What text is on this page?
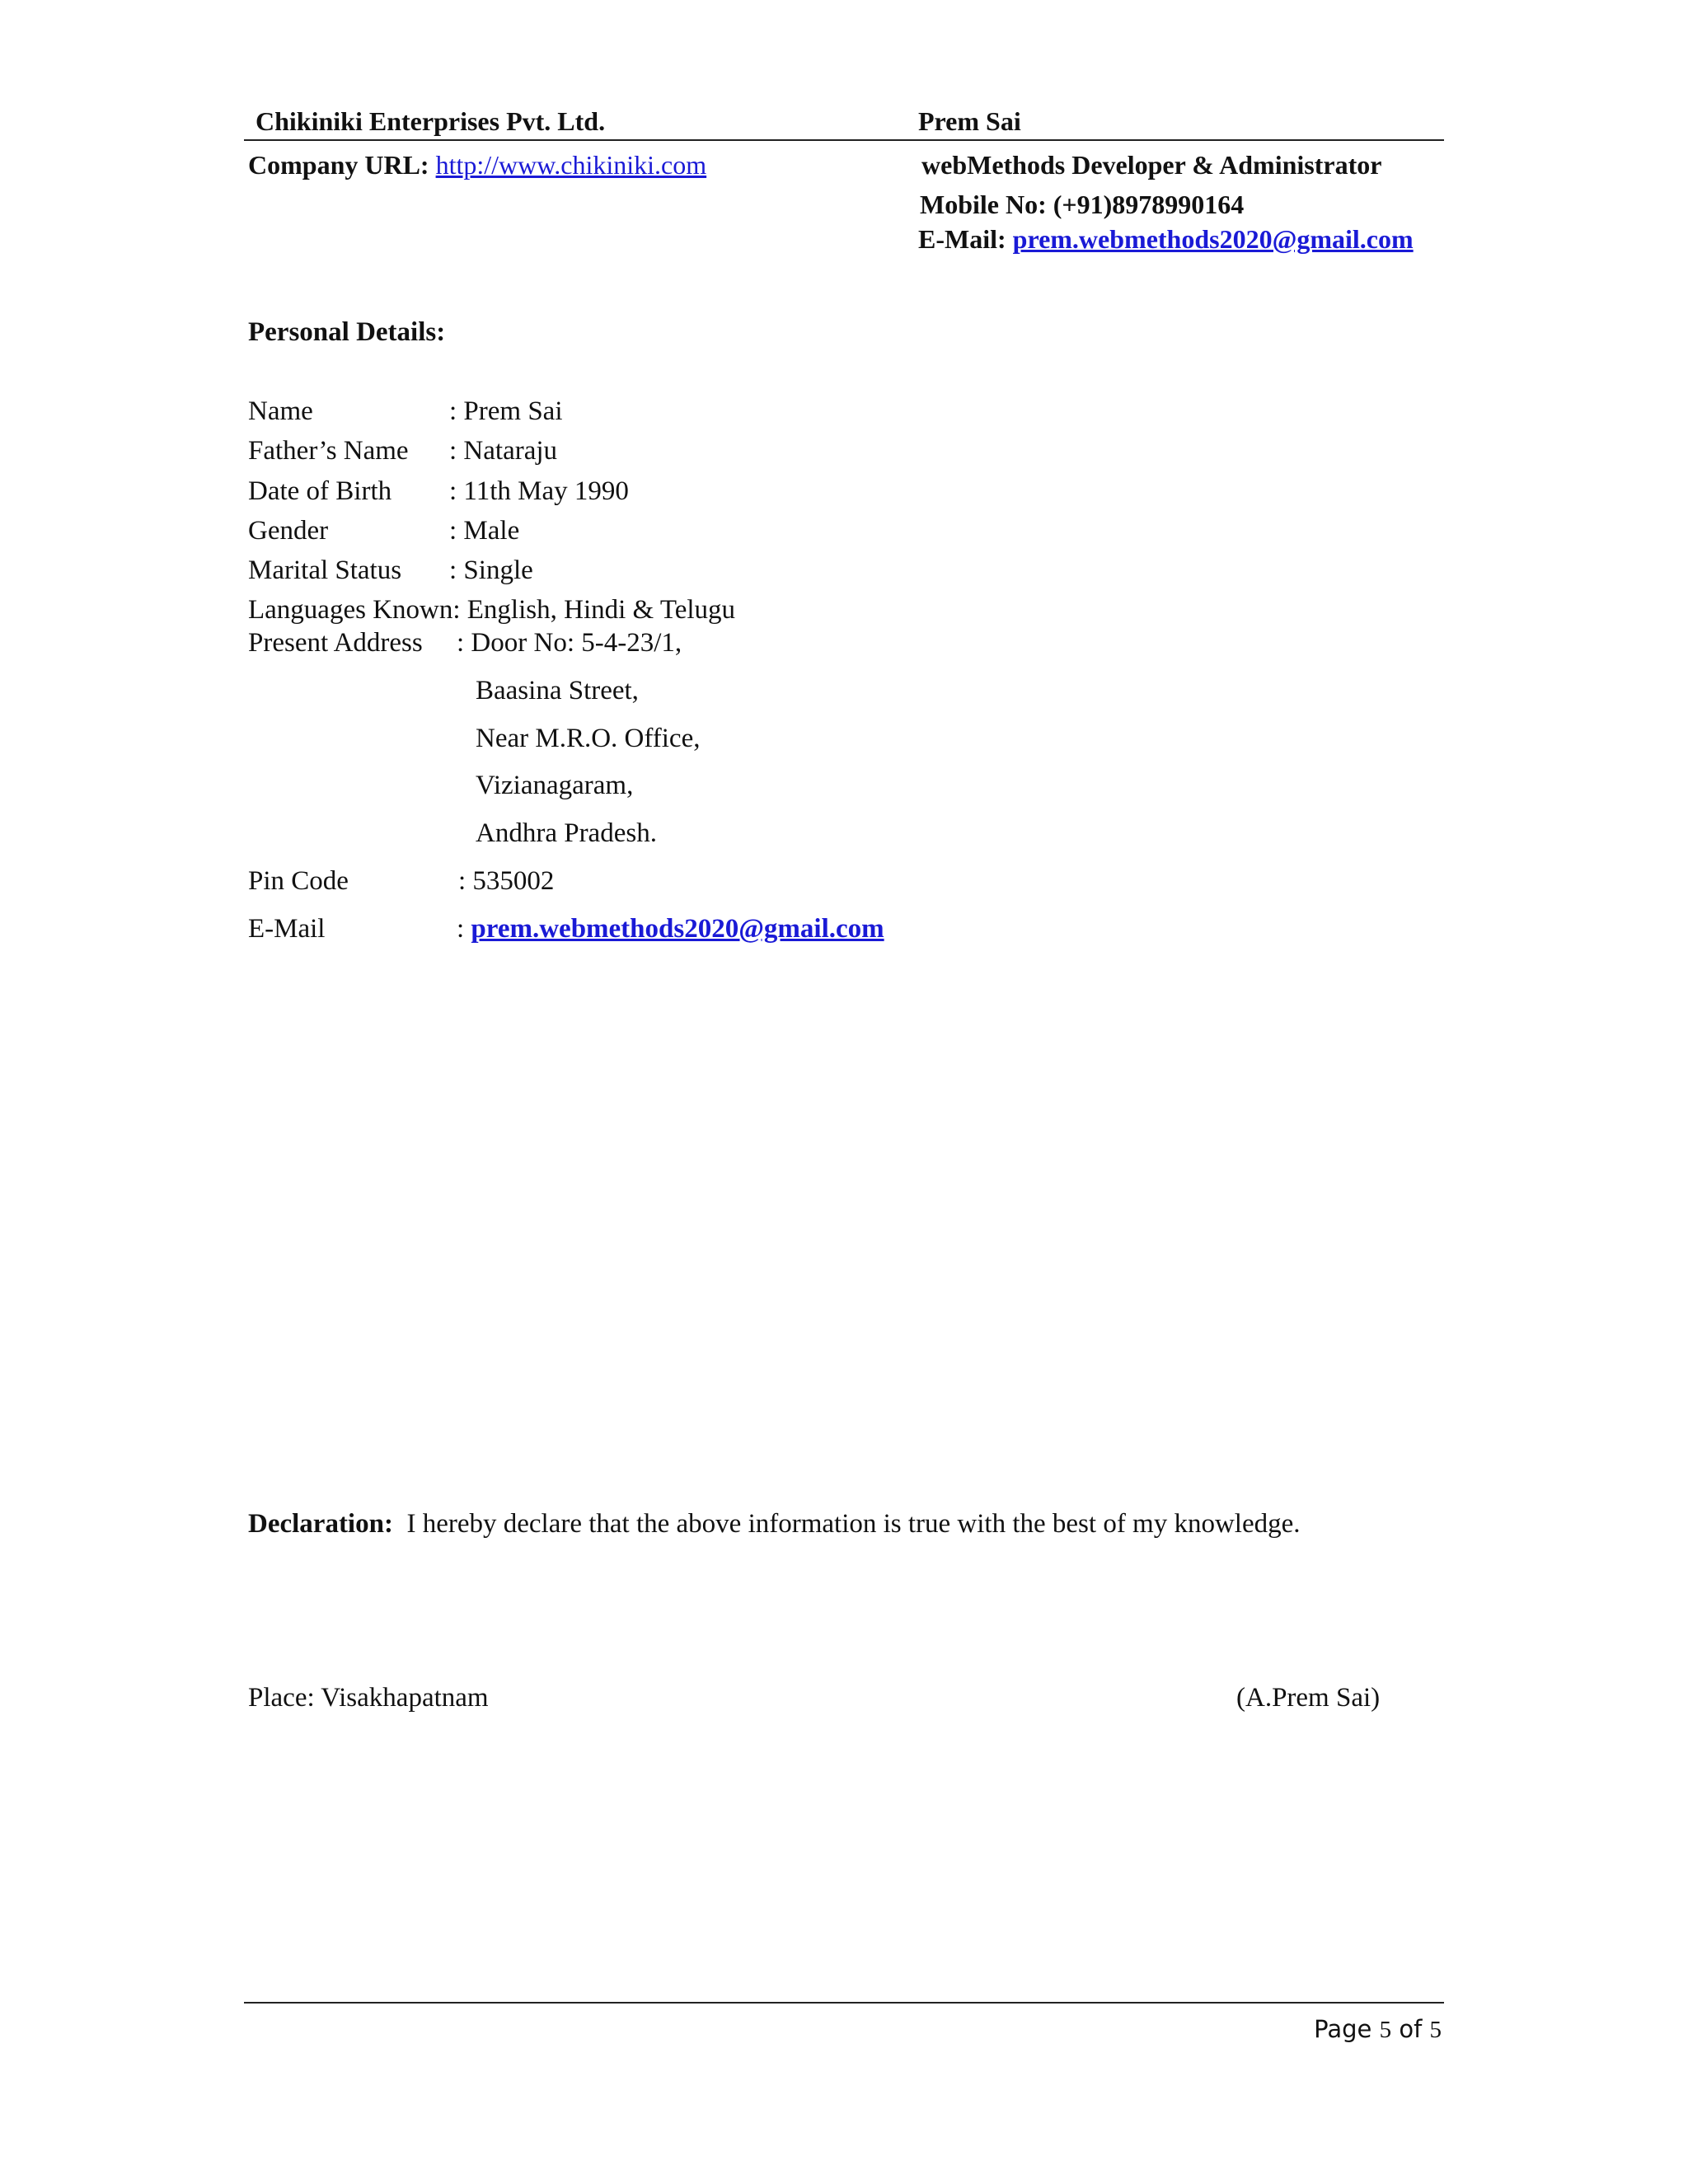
Chikiniki Enterprises Pvt. Ltd.	Prem Sai
Company URL: http://www.chikiniki.com	webMethods Developer & Administrator
Mobile No: (+91)8978990164
E-Mail: prem.webmethods2020@gmail.com
Personal Details:
Name	: Prem Sai
Father’s Name : Nataraju
Date of Birth : 11th May 1990
Gender	: Male
Marital Status : Single
Languages Known: English, Hindi & Telugu
Present Address : Door No: 5-4-23/1,
Baasina Street,
Near M.R.O. Office,
Vizianagaram,
Andhra Pradesh.
Pin Code	: 535002
E-Mail	: prem.webmethods2020@gmail.com
Declaration: I hereby declare that the above information is true with the best of my knowledge.
Place: Visakhapatnam	(A.Prem Sai)
Page 5 of 5
